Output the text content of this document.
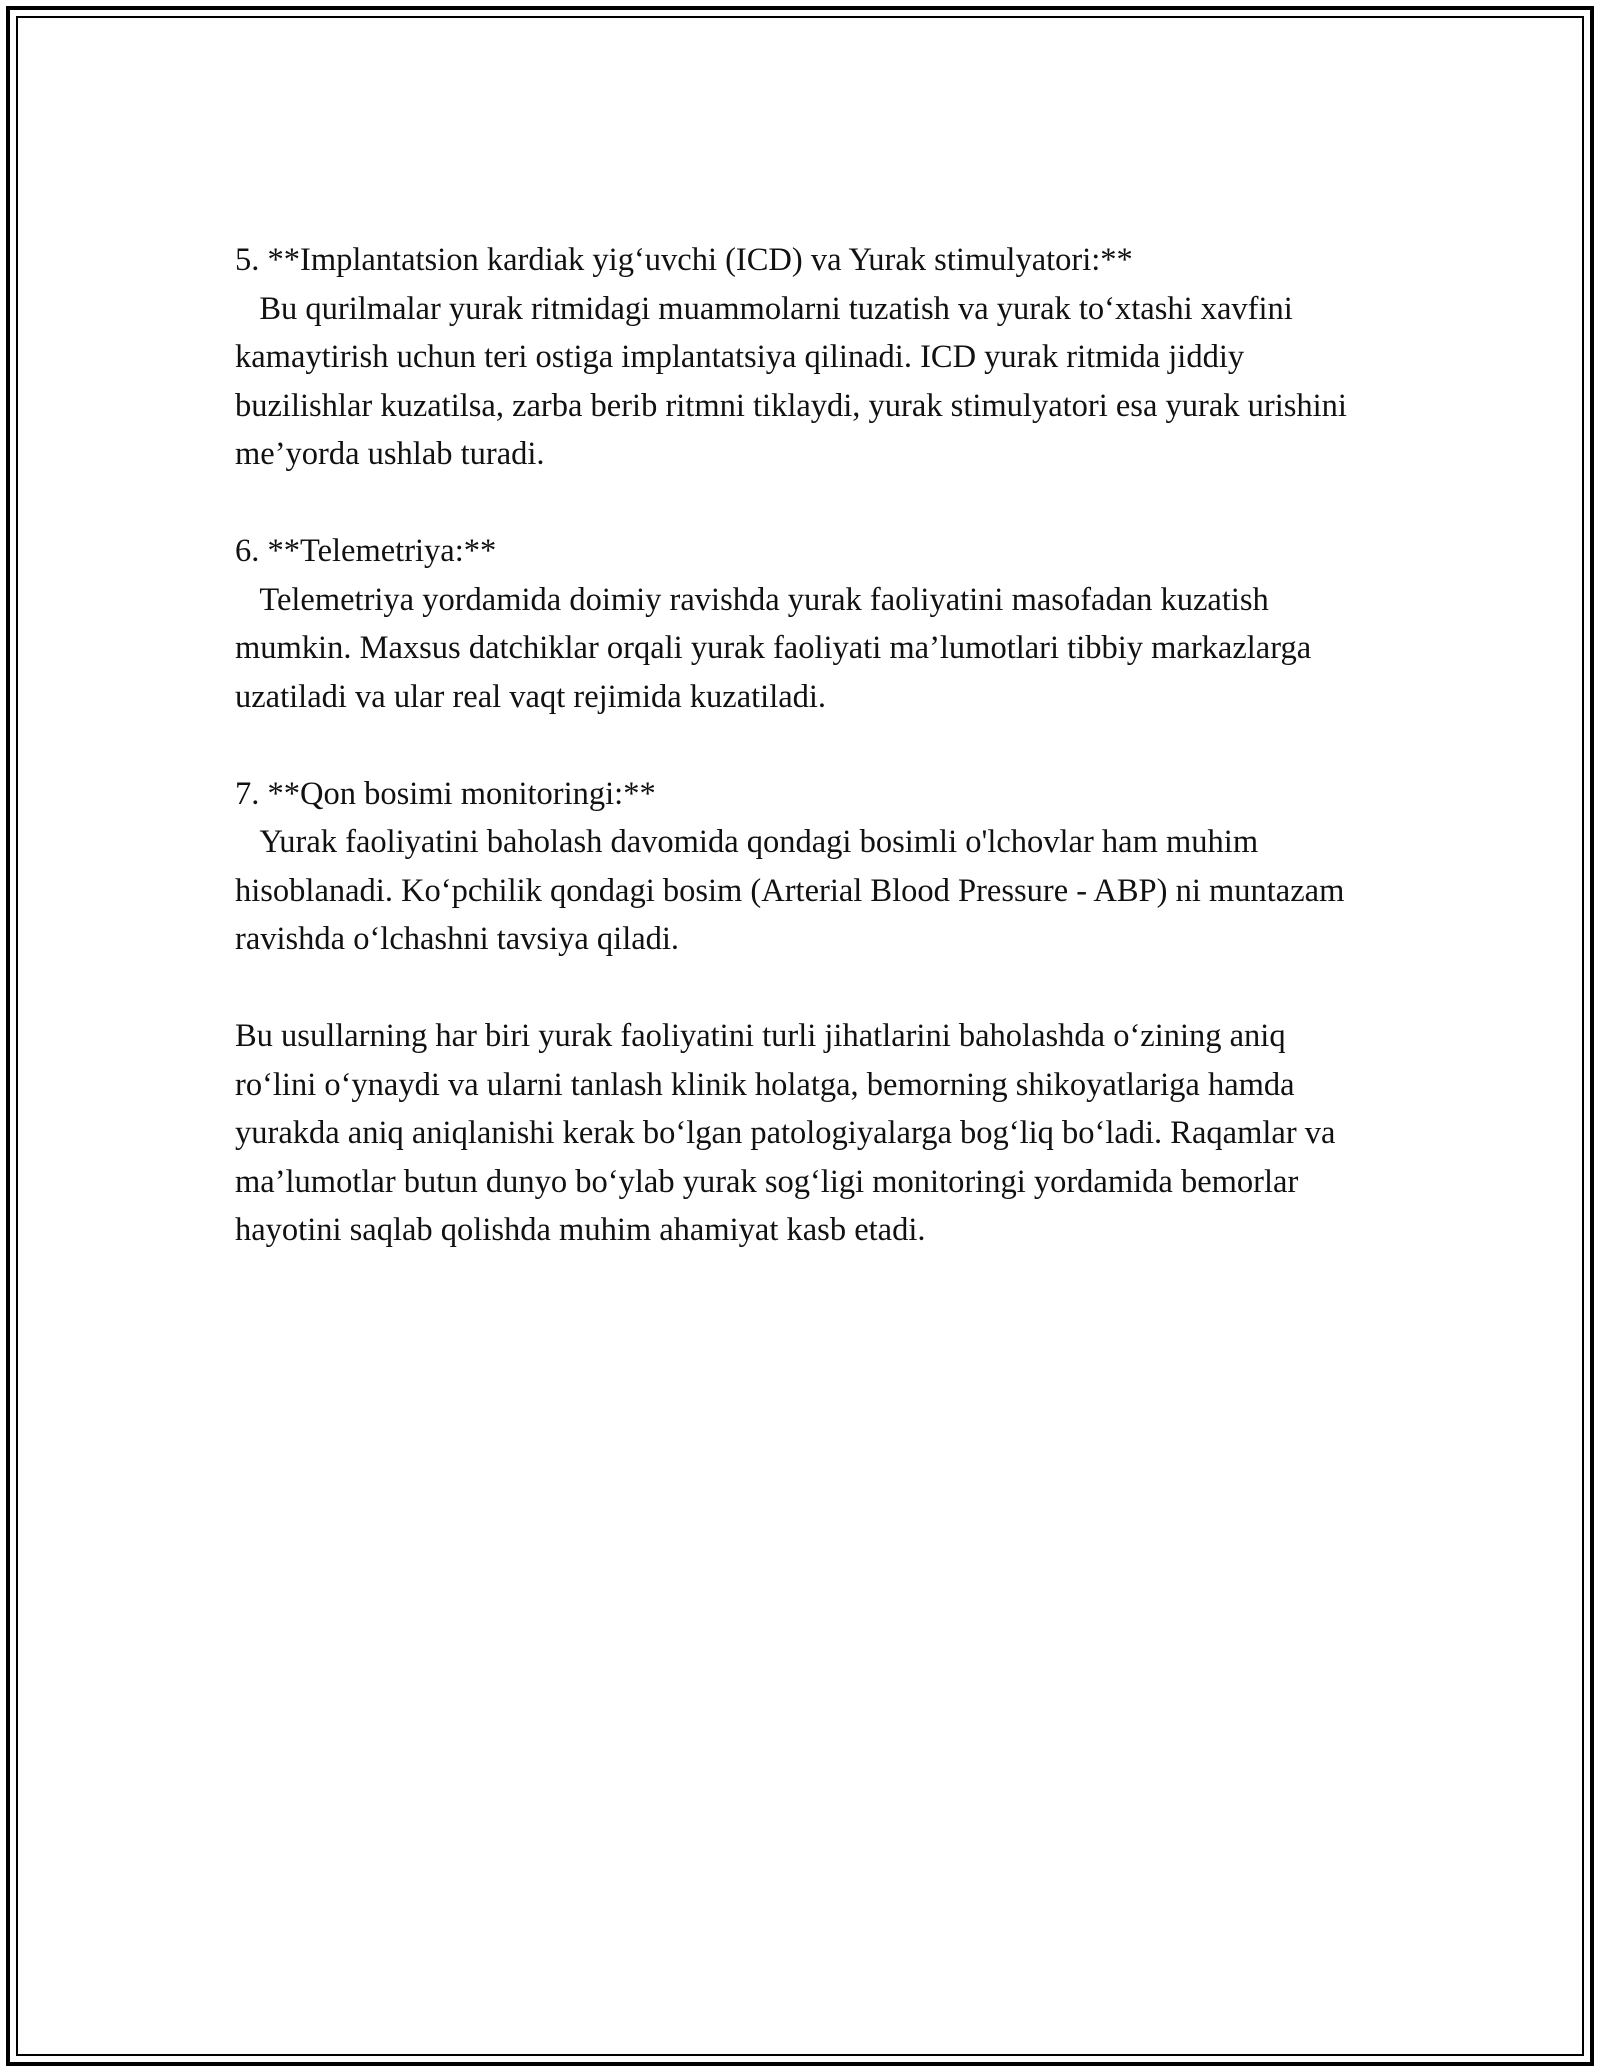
5. **Implantatsion kardiak yig‘uvchi (ICD) va Yurak stimulyatori:**

Bu qurilmalar yurak ritmidagi muammolarni tuzatish va yurak to‘xtashi xavfini kamaytirish uchun teri ostiga implantatsiya qilinadi. ICD yurak ritmida jiddiy buzilishlar kuzatilsa, zarba berib ritmni tiklaydi, yurak stimulyatori esa yurak urishini me’yorda ushlab turadi.

6. **Telemetriya:**

Telemetriya yordamida doimiy ravishda yurak faoliyatini masofadan kuzatish mumkin. Maxsus datchiklar orqali yurak faoliyati ma’lumotlari tibbiy markazlarga uzatiladi va ular real vaqt rejimida kuzatiladi.

7. **Qon bosimi monitoringi:**

Yurak faoliyatini baholash davomida qondagi bosimli o'lchovlar ham muhim hisoblanadi. Ko‘pchilik qondagi bosim (Arterial Blood Pressure - ABP) ni muntazam ravishda o‘lchashni tavsiya qiladi.

Bu usullarning har biri yurak faoliyatini turli jihatlarini baholashda o‘zining aniq ro‘lini o‘ynaydi va ularni tanlash klinik holatga, bemorning shikoyatlariga hamda yurakda aniq aniqlanishi kerak bo‘lgan patologiyalarga bog‘liq bo‘ladi. Raqamlar va ma’lumotlar butun dunyo bo‘ylab yurak sog‘ligi monitoringi yordamida bemorlar hayotini saqlab qolishda muhim ahamiyat kasb etadi.
